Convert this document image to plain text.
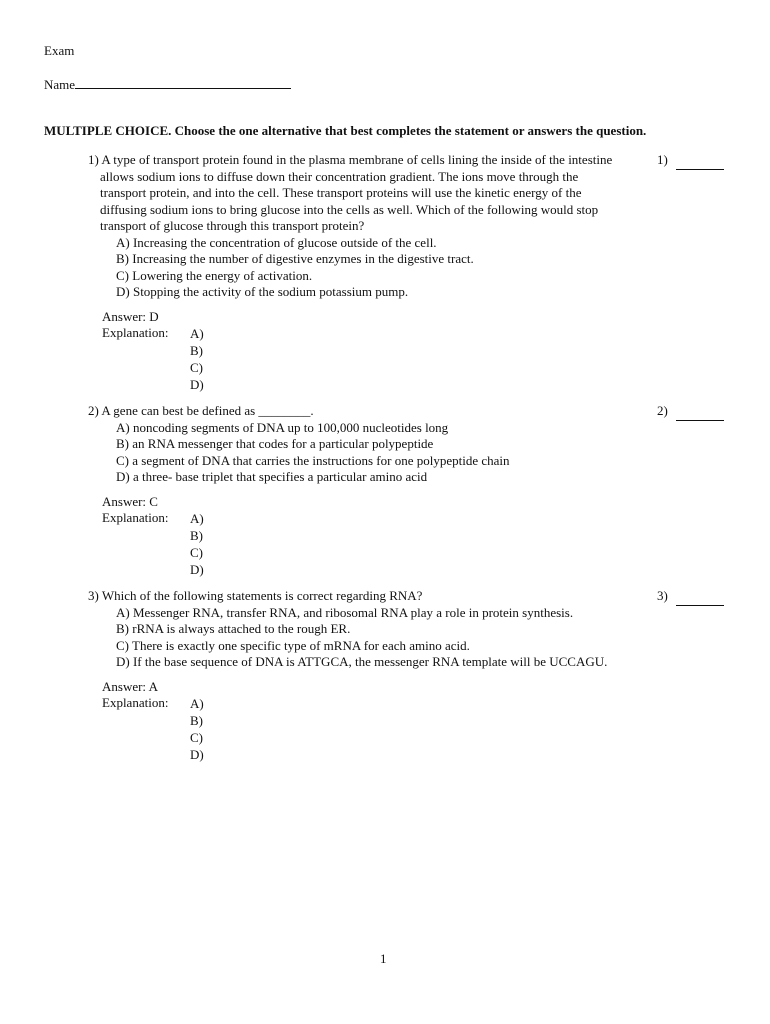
Exam
Name
MULTIPLE CHOICE. Choose the one alternative that best completes the statement or answers the question.
1) A type of transport protein found in the plasma membrane of cells lining the inside of the intestine
allows sodium ions to diffuse down their concentration gradient. The ions move through the
transport protein, and into the cell. These transport proteins will use the kinetic energy of the
diffusing sodium ions to bring glucose into the cells as well. Which of the following would stop
transport of glucose through this transport protein?
A) Increasing the concentration of glucose outside of the cell.
B) Increasing the number of digestive enzymes in the digestive tract.
C) Lowering the energy of activation.
D) Stopping the activity of the sodium potassium pump.
Answer: D
Explanation:	A)
B)
C)
D)
1)
2) A gene can best be defined as ________.
A) noncoding segments of DNA up to 100,000 nucleotides long
B) an RNA messenger that codes for a particular polypeptide
C) a segment of DNA that carries the instructions for one polypeptide chain
D) a three- base triplet that specifies a particular amino acid
Answer: C
Explanation:	A)
B)
C)
D)
2)
3) Which of the following statements is correct regarding RNA?
A) Messenger RNA, transfer RNA, and ribosomal RNA play a role in protein synthesis.
B) rRNA is always attached to the rough ER.
C) There is exactly one specific type of mRNA for each amino acid.
D) If the base sequence of DNA is ATTGCA, the messenger RNA template will be UCCAGU.
Answer: A
Explanation:	A)
B)
C)
D)
3)
1
